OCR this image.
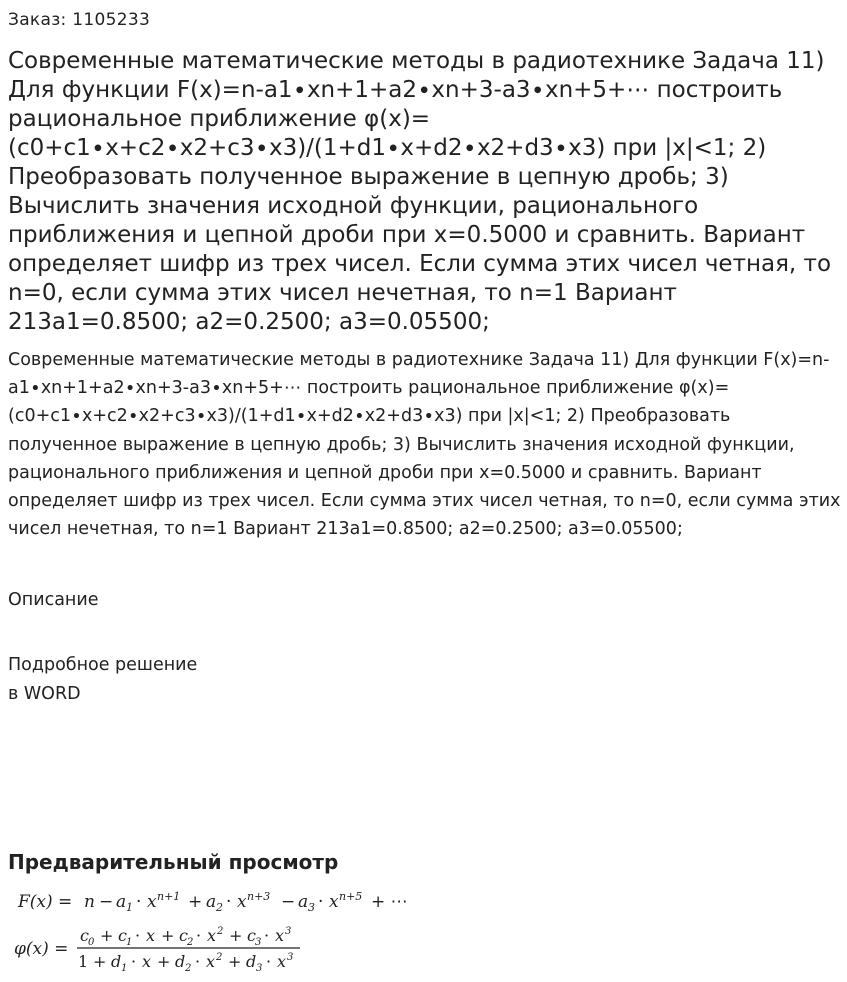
Заказ: 1105233
Современные математические методы в радиотехнике Задача 11) Для функции F(x)=n-a1∙xn+1+a2∙xn+3-a3∙xn+5+⋯ построить рациональное приближение φ(x)=(c0+c1∙x+c2∙x2+c3∙x3)/(1+d1∙x+d2∙x2+d3∙x3) при |x|<1; 2) Преобразовать полученное выражение в цепную дробь; 3) Вычислить значения исходной функции, рационального приближения и цепной дроби при x=0.5000 и сравнить. Вариант определяет шифр из трех чисел. Если сумма этих чисел четная, то n=0, если сумма этих чисел нечетная, то n=1 Вариант 213a1=0.8500; a2=0.2500; a3=0.05500;

Современные математические методы в радиотехнике Задача 11) Для функции F(x)=n-a1∙xn+1+a2∙xn+3-a3∙xn+5+⋯ построить рациональное приближение φ(x)=(c0+c1∙x+c2∙x2+c3∙x3)/(1+d1∙x+d2∙x2+d3∙x3) при |x|<1; 2) Преобразовать полученное выражение в цепную дробь; 3) Вычислить значения исходной функции, рационального приближения и цепной дроби при x=0.5000 и сравнить. Вариант определяет шифр из трех чисел. Если сумма этих чисел четная, то n=0, если сумма этих чисел нечетная, то n=1 Вариант 213a1=0.8500; a2=0.2500; a3=0.05500;

Описание
Подробное решение
в WORD
Предварительный просмотр
F(x) = n − a 1 · x n+1 + a 2 · x n+3 − a 3 · x n+5 + ⋯
φ(x) =
c 0 + c 1 · x + c 2 · x 2 + c 3 · x 3
1 + d 1 · x + d 2 · x 2 + d 3 · x 3
